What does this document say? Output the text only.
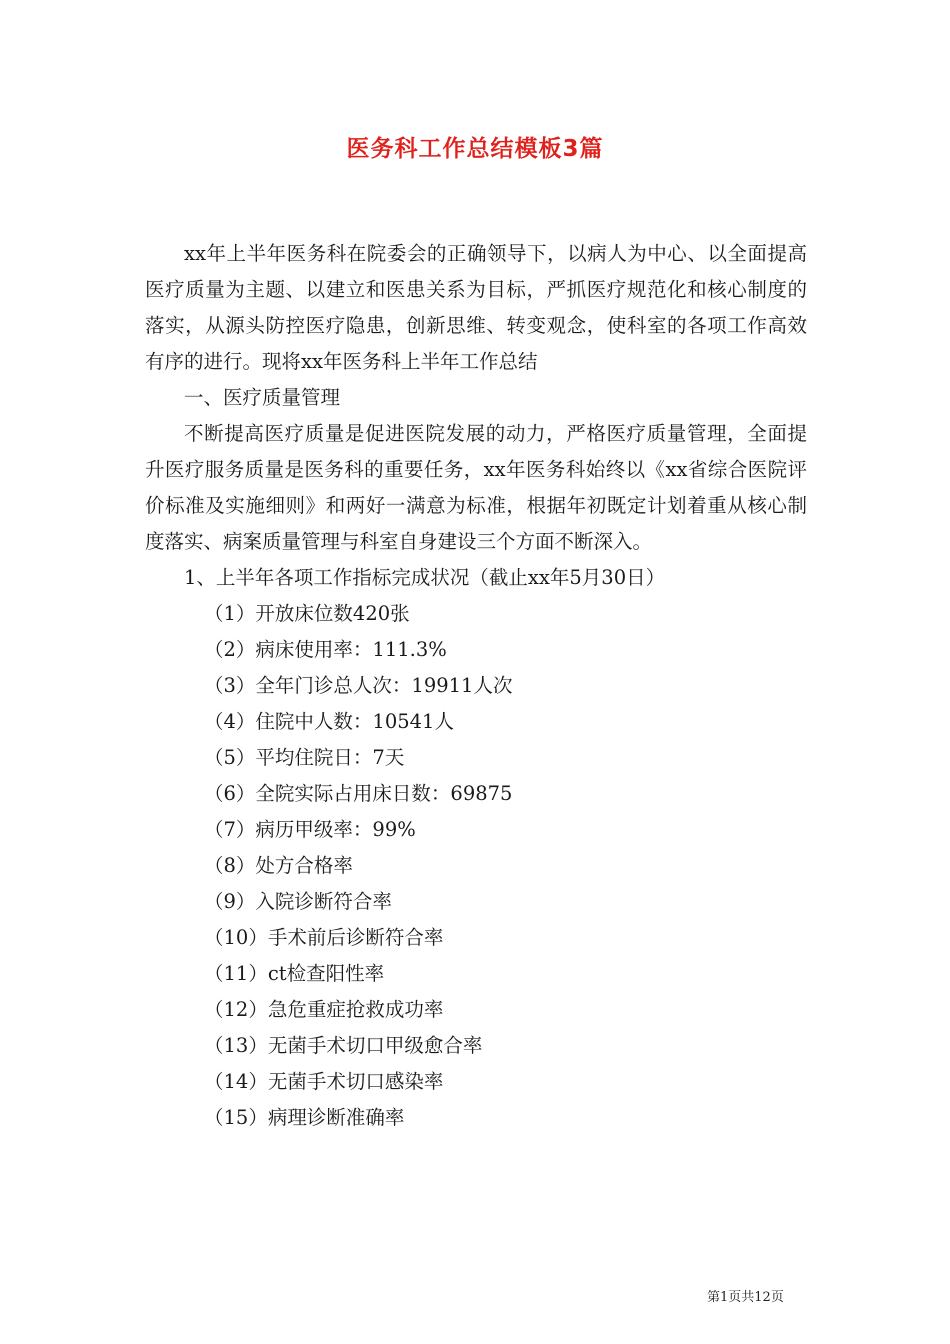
医务科工作总结模板3篇

xx年上半年医务科在院委会的正确领导下，以病人为中心、以全面提高医疗质量为主题、以建立和医患关系为目标，严抓医疗规范化和核心制度的落实，从源头防控医疗隐患，创新思维、转变观念，使科室的各项工作高效有序的进行。现将xx年医务科上半年工作总结

一、医疗质量管理

不断提高医疗质量是促进医院发展的动力，严格医疗质量管理，全面提升医疗服务质量是医务科的重要任务，xx年医务科始终以《xx省综合医院评价标准及实施细则》和两好一满意为标准，根据年初既定计划着重从核心制度落实、病案质量管理与科室自身建设三个方面不断深入。

1、上半年各项工作指标完成状况（截止xx年5月30日）

（1）开放床位数420张

（2）病床使用率：111.3%

（3）全年门诊总人次：19911人次

（4）住院中人数：10541人

（5）平均住院日：7天

（6）全院实际占用床日数：69875

（7）病历甲级率：99%

（8）处方合格率

（9）入院诊断符合率

（10）手术前后诊断符合率

（11）ct检查阳性率

（12）急危重症抢救成功率

（13）无菌手术切口甲级愈合率

（14）无菌手术切口感染率

（15）病理诊断准确率

第1页共12页
